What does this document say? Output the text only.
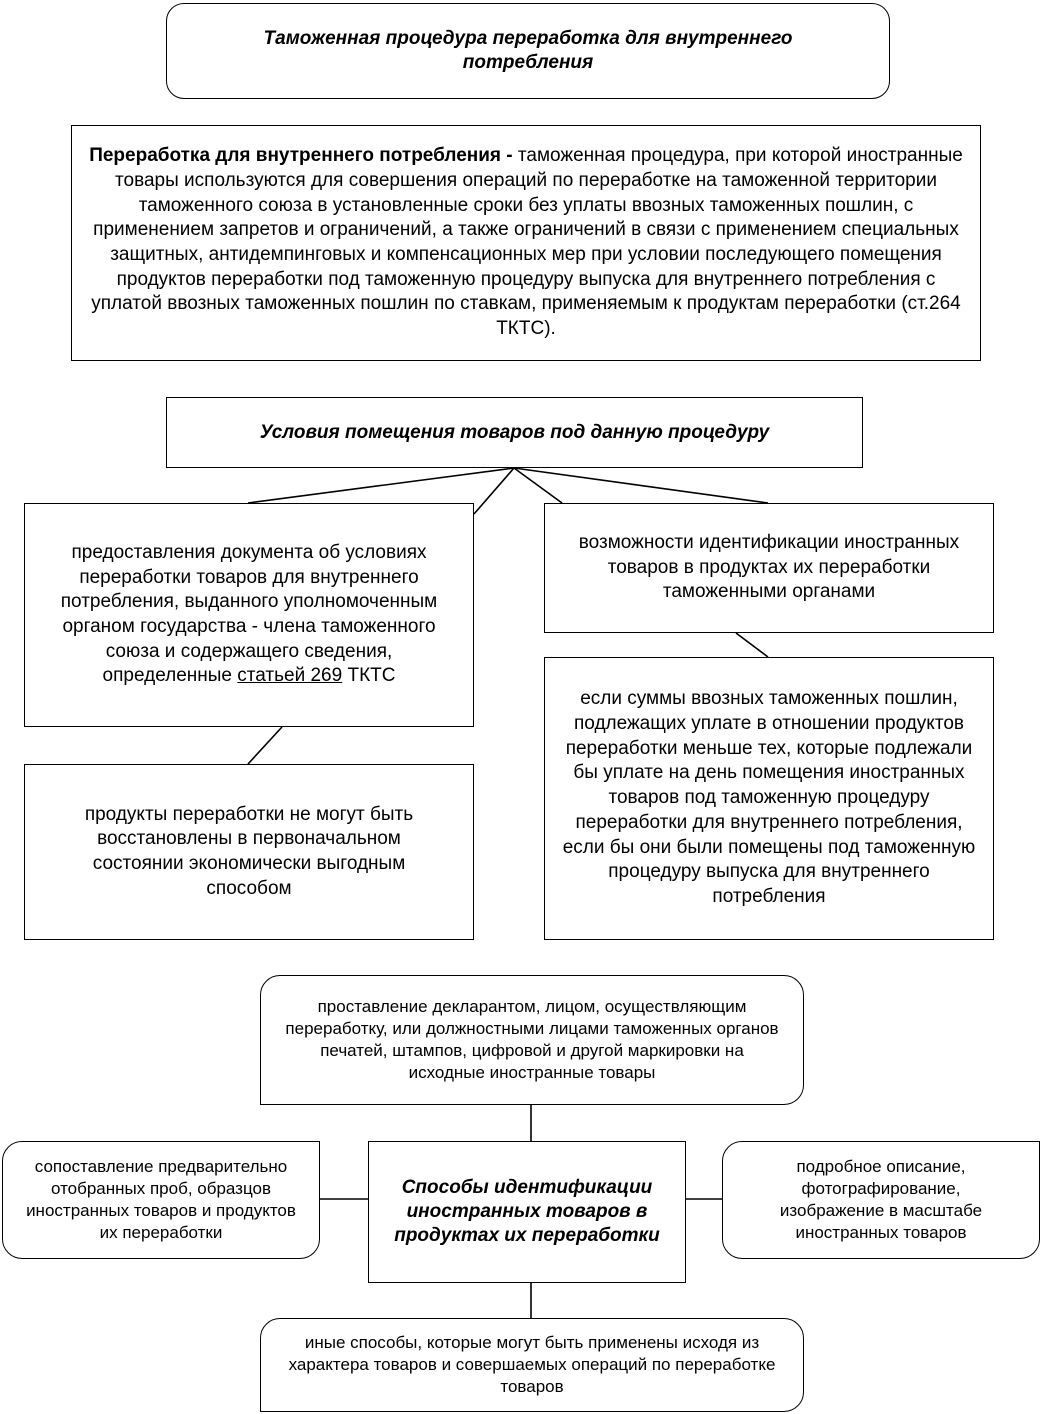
Таможенная процедура переработка для внутреннего потребления
Переработка для внутреннего потребления - таможенная процедура, при которой иностранные товары используются для совершения операций по переработке на таможенной территории таможенного союза в установленные сроки без уплаты ввозных таможенных пошлин, с применением запретов и ограничений, а также ограничений в связи с применением специальных защитных, антидемпинговых и компенсационных мер при условии последующего помещения продуктов переработки под таможенную процедуру выпуска для внутреннего потребления с уплатой ввозных таможенных пошлин по ставкам, применяемым к продуктам переработки (ст.264 ТКТС).
Условия помещения товаров под данную процедуру
предоставления документа об условиях переработки товаров для внутреннего потребления, выданного уполномоченным органом государства - члена таможенного союза и содержащего сведения, определенные статьей 269 ТКТС
возможности идентификации иностранных товаров в продуктах их переработки таможенными органами
продукты переработки не могут быть восстановлены в первоначальном состоянии экономически выгодным способом
если суммы ввозных таможенных пошлин, подлежащих уплате в отношении продуктов переработки меньше тех, которые подлежали бы уплате на день помещения иностранных товаров под таможенную процедуру переработки для внутреннего потребления, если бы они были помещены под таможенную процедуру выпуска для внутреннего потребления
проставление декларантом, лицом, осуществляющим переработку, или должностными лицами таможенных органов печатей, штампов, цифровой и другой маркировки на исходные иностранные товары
сопоставление предварительно отобранных проб, образцов иностранных товаров и продуктов их переработки
Способы идентификации иностранных товаров в продуктах их переработки
подробное описание, фотографирование, изображение в масштабе иностранных товаров
иные способы, которые могут быть применены исходя из характера товаров и совершаемых операций по переработке товаров
